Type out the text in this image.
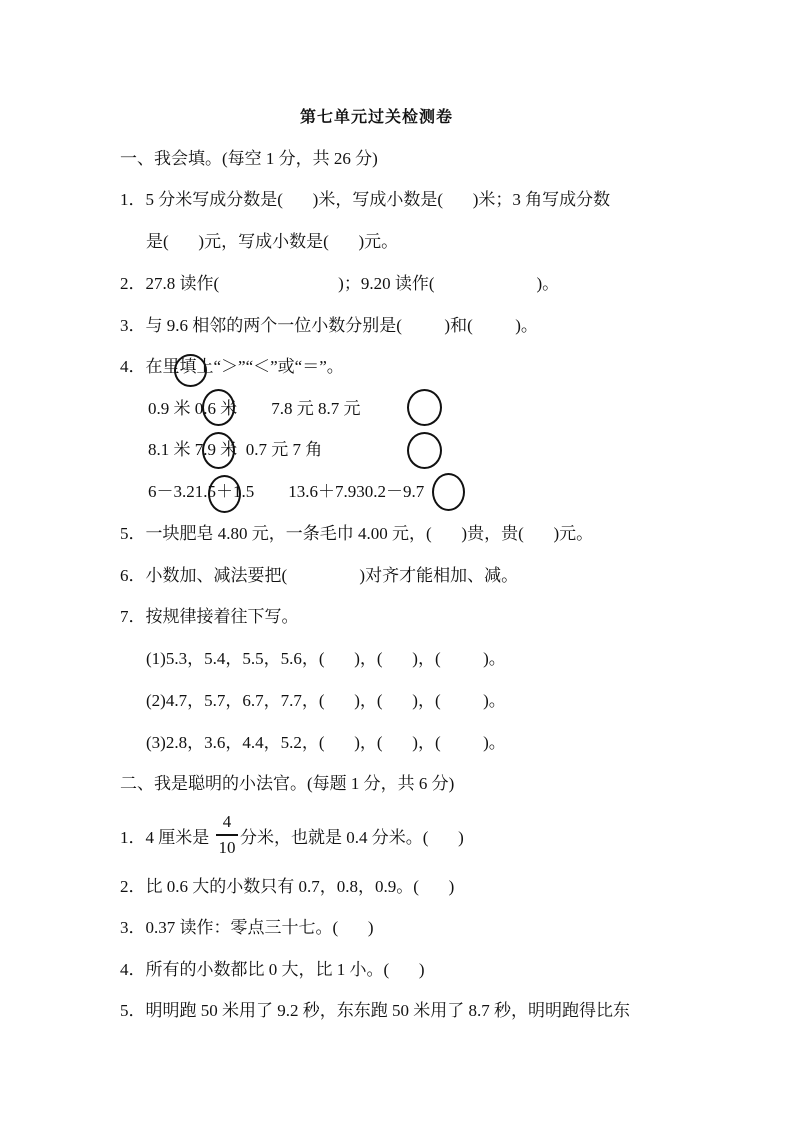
第七单元过关检测卷
一、我会填。(每空 1 分，共 26 分)
1．5 分米写成分数是(       )米，写成小数是(       )米；3 角写成分数
是(       )元，写成小数是(       )元。
2．27.8 读作(                            )；9.20 读作(                        )。
3．与 9.6 相邻的两个一位小数分别是(          )和(          )。
4．在里填上“＞”“＜”或“＝”。
0.9 米 0.6 米        7.8 元 8.7 元
8.1 米 7.9 米  0.7 元 7 角
6－3.21.5＋1.5        13.6＋7.930.2－9.7
5．一块肥皂 4.80 元，一条毛巾 4.00 元，(       )贵，贵(       )元。
6．小数加、减法要把(                 )对齐才能相加、减。
7．按规律接着往下写。
(1)5.3，5.4，5.5，5.6，(       )，(       )，(          )。
(2)4.7，5.7，6.7，7.7，(       )，(       )，(          )。
(3)2.8，3.6，4.4，5.2，(       )，(       )，(          )。
二、我是聪明的小法官。(每题 1 分，共 6 分)
1．4 厘米是
4
10
分米，也就是 0.4 分米。(       )
2．比 0.6 大的小数只有 0.7，0.8，0.9。(       )
3．0.37 读作：零点三十七。(       )
4．所有的小数都比 0 大，比 1 小。(       )
5．明明跑 50 米用了 9.2 秒，东东跑 50 米用了 8.7 秒，明明跑得比东
